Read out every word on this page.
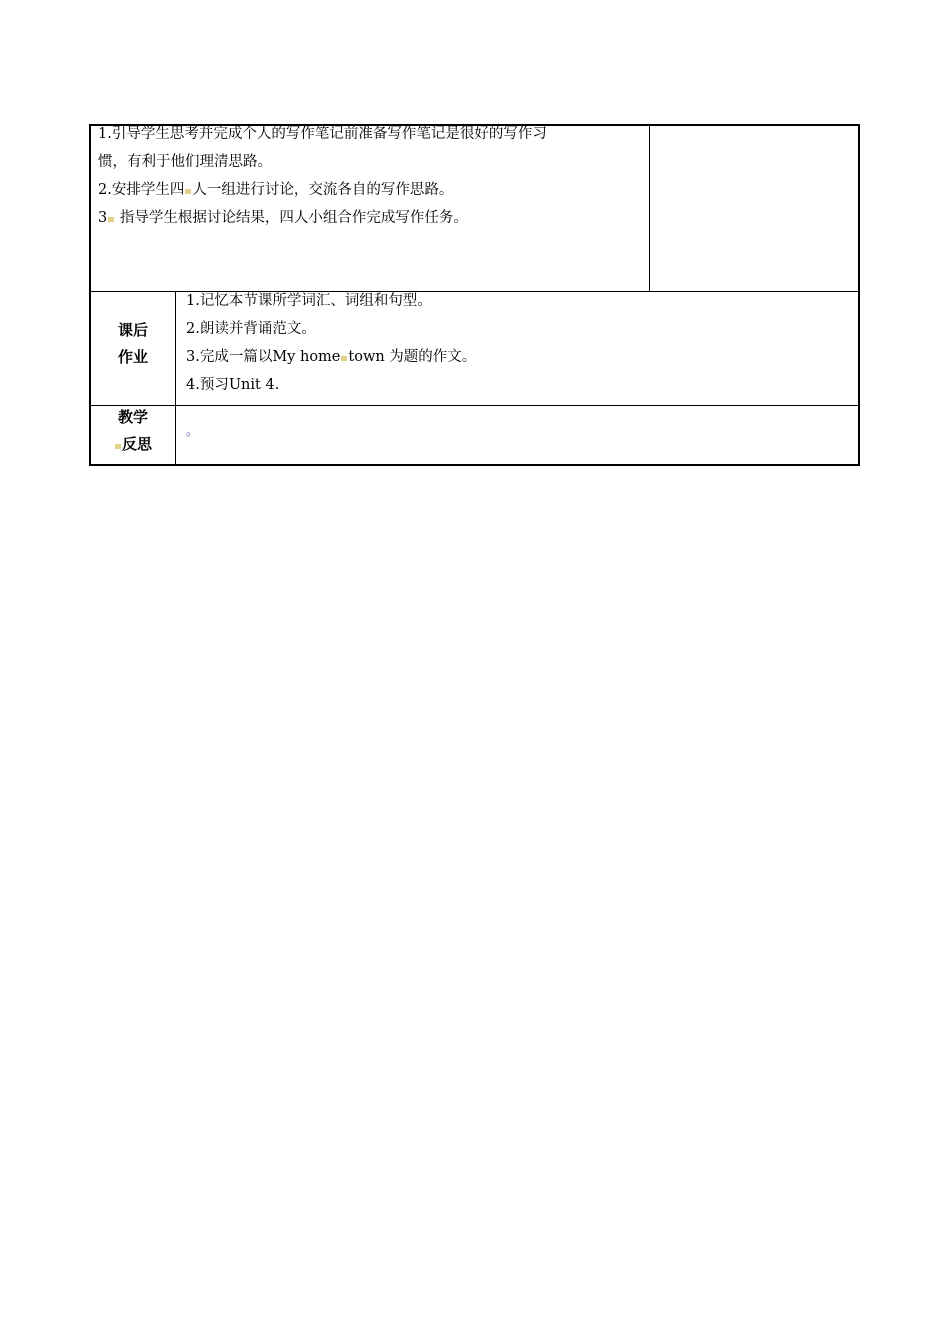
1.引导学生思考并完成个人的写作笔记前准备写作笔记是很好的写作习
惯，有利于他们理清思路。
2.安排学生四 人一组进行讨论，交流各自的写作思路。
3 指导学生根据讨论结果，四人小组合作完成写作任务。
课后
作业
1.记忆本节课所学词汇、词组和句型。
2.朗读并背诵范文。
3.完成一篇以My home town 为题的作文。
4.预习Unit 4.
教学
反思
。
